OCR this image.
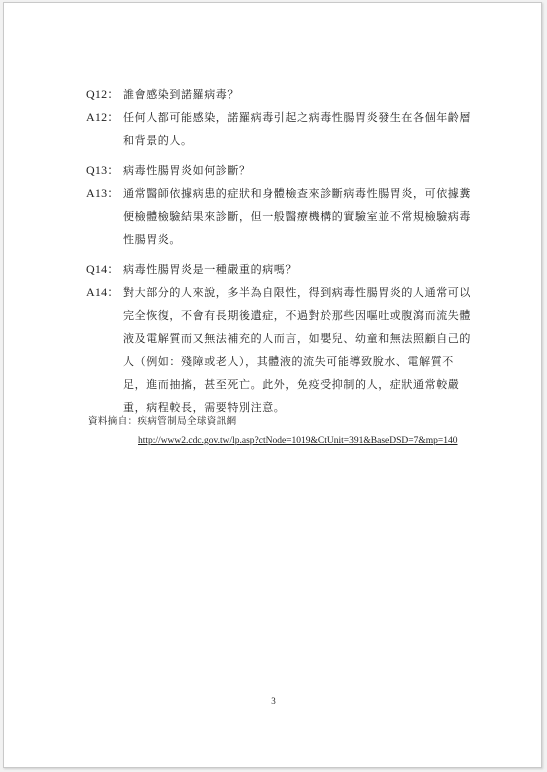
Q12： 誰會感染到諾羅病毒？
A12： 任何人都可能感染，諾羅病毒引起之病毒性腸胃炎發生在各個年齡層和背景的人。
Q13： 病毒性腸胃炎如何診斷？
A13： 通常醫師依據病患的症狀和身體檢查來診斷病毒性腸胃炎，可依據糞便檢體檢驗結果來診斷，但一般醫療機構的實驗室並不常規檢驗病毒性腸胃炎。
Q14： 病毒性腸胃炎是一種嚴重的病嗎？
A14： 對大部分的人來說，多半為自限性，得到病毒性腸胃炎的人通常可以完全恢復，不會有長期後遺症，不過對於那些因嘔吐或腹瀉而流失體液及電解質而又無法補充的人而言，如嬰兒、幼童和無法照顧自己的人（例如：殘障或老人），其體液的流失可能導致脫水、電解質不足，進而抽搐，甚至死亡。此外，免疫受抑制的人，症狀通常較嚴重，病程較長，需要特別注意。
資料摘自：疾病管制局全球資訊網
http://www2.cdc.gov.tw/lp.asp?ctNode=1019&CtUnit=391&BaseDSD=7&mp=140
3
